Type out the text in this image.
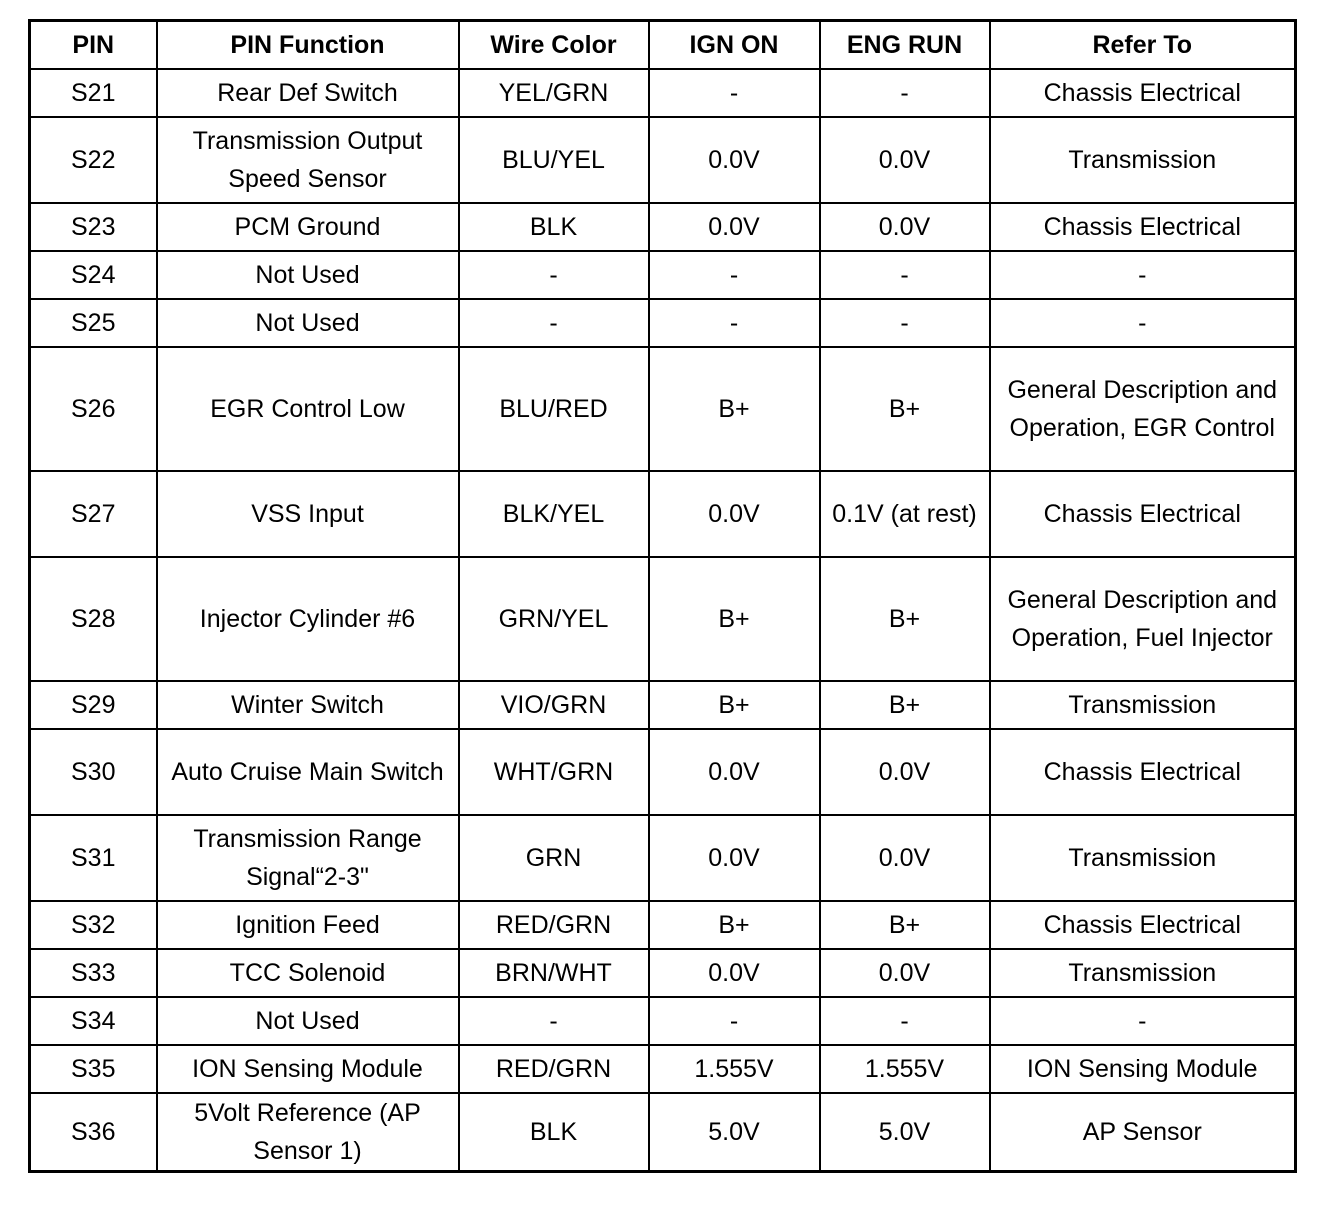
PIN	PIN Function	Wire Color	IGN ON	ENG RUN	Refer To
S21	Rear Def Switch	YEL/GRN	-	-	Chassis Electrical
S22	Transmission Output Speed Sensor	BLU/YEL	0.0V	0.0V	Transmission
S23	PCM Ground	BLK	0.0V	0.0V	Chassis Electrical
S24	Not Used	-	-	-	-
S25	Not Used	-	-	-	-
S26	EGR Control Low	BLU/RED	B+	B+	General Description and Operation, EGR Control
S27	VSS Input	BLK/YEL	0.0V	0.1V (at rest)	Chassis Electrical
S28	Injector Cylinder #6	GRN/YEL	B+	B+	General Description and Operation, Fuel Injector
S29	Winter Switch	VIO/GRN	B+	B+	Transmission
S30	Auto Cruise Main Switch	WHT/GRN	0.0V	0.0V	Chassis Electrical
S31	Transmission Range Signal“2-3"	GRN	0.0V	0.0V	Transmission
S32	Ignition Feed	RED/GRN	B+	B+	Chassis Electrical
S33	TCC Solenoid	BRN/WHT	0.0V	0.0V	Transmission
S34	Not Used	-	-	-	-
S35	ION Sensing Module	RED/GRN	1.555V	1.555V	ION Sensing Module
S36	5Volt Reference (AP Sensor 1)	BLK	5.0V	5.0V	AP Sensor
